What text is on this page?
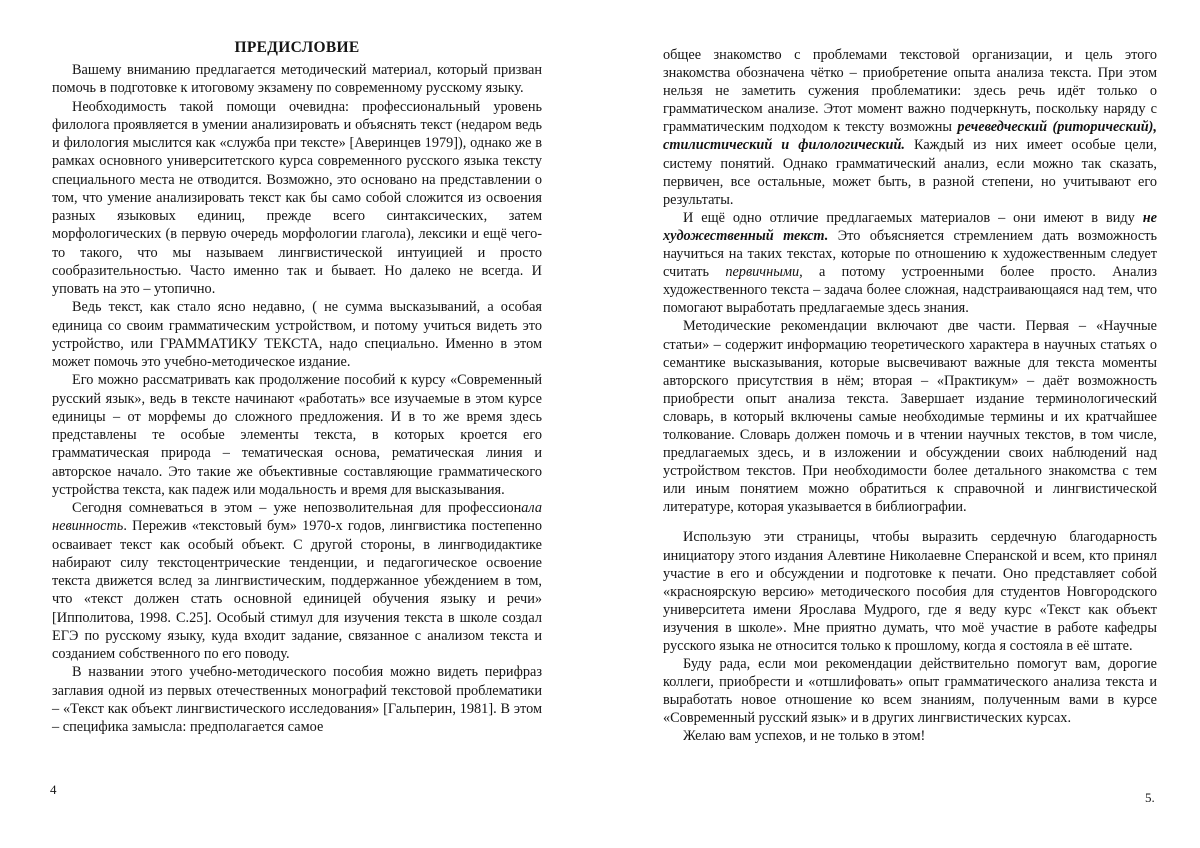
ПРЕДИСЛОВИЕ

Вашему вниманию предлагается методический материал, который призван помочь в подготовке к итоговому экзамену по современному русскому языку.

Необходимость такой помощи очевидна: профессиональный уровень филолога проявляется в умении анализировать и объяснять текст (недаром ведь и филология мыслится как «служба при тексте» [Аверинцев 1979]), однако же в рамках основного университетского курса современного русского языка тексту специального места не отводится. Возможно, это основано на представлении о том, что умение анализировать текст как бы само собой сложится из освоения разных языковых единиц, прежде всего синтаксических, затем морфологических (в первую очередь морфологии глагола), лексики и ещё чего-то такого, что мы называем лингвистической интуицией и просто сообразительностью. Часто именно так и бывает. Но далеко не всегда. И уповать на это – утопично.

Ведь текст, как стало ясно недавно, ( не сумма высказываний, а особая единица со своим грамматическим устройством, и потому учиться видеть это устройство, или ГРАММАТИКУ ТЕКСТА, надо специально. Именно в этом может помочь это учебно-методическое издание.

Его можно рассматривать как продолжение пособий к курсу «Современный русский язык», ведь в тексте начинают «работать» все изучаемые в этом курсе единицы – от морфемы до сложного предложения. И в то же время здесь представлены те особые элементы текста, в которых кроется его грамматическая природа – тематическая основа, рематическая линия и авторское начало. Это такие же объективные составляющие грамматического устройства текста, как падеж или модальность и время для высказывания.

Сегодня сомневаться в этом – уже непозволительная для профессионала невинность. Пережив «текстовый бум» 1970-х годов, лингвистика постепенно осваивает текст как особый объект. С другой стороны, в лингводидактике набирают силу текстоцентрические тенденции, и педагогическое освоение текста движется вслед за лингвистическим, поддержанное убеждением в том, что «текст должен стать основной единицей обучения языку и речи» [Ипполитова, 1998. С.25]. Особый стимул для изучения текста в школе создал ЕГЭ по русскому языку, куда входит задание, связанное с анализом текста и созданием собственного по его поводу.

В названии этого учебно-методического пособия можно видеть перифраз заглавия одной из первых отечественных монографий текстовой проблематики – «Текст как объект лингвистического исследования» [Гальперин, 1981]. В этом – специфика замысла: предполагается самое

4

общее знакомство с проблемами текстовой организации, и цель этого знакомства обозначена чётко – приобретение опыта анализа текста. При этом нельзя не заметить сужения проблематики: здесь речь идёт только о грамматическом анализе. Этот момент важно подчеркнуть, поскольку наряду с грамматическим подходом к тексту возможны речеведческий (риторический), стилистический и филологический. Каждый из них имеет особые цели, систему понятий. Однако грамматический анализ, если можно так сказать, первичен, все остальные, может быть, в разной степени, но учитывают его результаты.

И ещё одно отличие предлагаемых материалов – они имеют в виду не художественный текст. Это объясняется стремлением дать возможность научиться на таких текстах, которые по отношению к художественным следует считать первичными, а потому устроенными более просто. Анализ художественного текста – задача более сложная, надстраивающаяся над тем, что помогают выработать предлагаемые здесь знания.

Методические рекомендации включают две части. Первая – «Научные статьи» – содержит информацию теоретического характера в научных статьях о семантике высказывания, которые высвечивают важные для текста моменты авторского присутствия в нём; вторая – «Практикум» – даёт возможность приобрести опыт анализа текста. Завершает издание терминологический словарь, в который включены самые необходимые термины и их кратчайшее толкование. Словарь должен помочь и в чтении научных текстов, в том числе, предлагаемых здесь, и в изложении и обсуждении своих наблюдений над устройством текстов. При необходимости более детального знакомства с тем или иным понятием можно обратиться к справочной и лингвистической литературе, которая указывается в библиографии.

Использую эти страницы, чтобы выразить сердечную благодарность инициатору этого издания Алевтине Николаевне Сперанской и всем, кто принял участие в его и обсуждении и подготовке к печати. Оно представляет собой «красноярскую версию» методического пособия для студентов Новгородского университета имени Ярослава Мудрого, где я веду курс «Текст как объект изучения в школе». Мне приятно думать, что моё участие в работе кафедры русского языка не относится только к прошлому, когда я состояла в её штате.

Буду рада, если мои рекомендации действительно помогут вам, дорогие коллеги, приобрести и «отшлифовать» опыт грамматического анализа текста и выработать новое отношение ко всем знаниям, полученным вами в курсе «Современный русский язык» и в других лингвистических курсах.

Желаю вам успехов, и не только в этом!

5.
